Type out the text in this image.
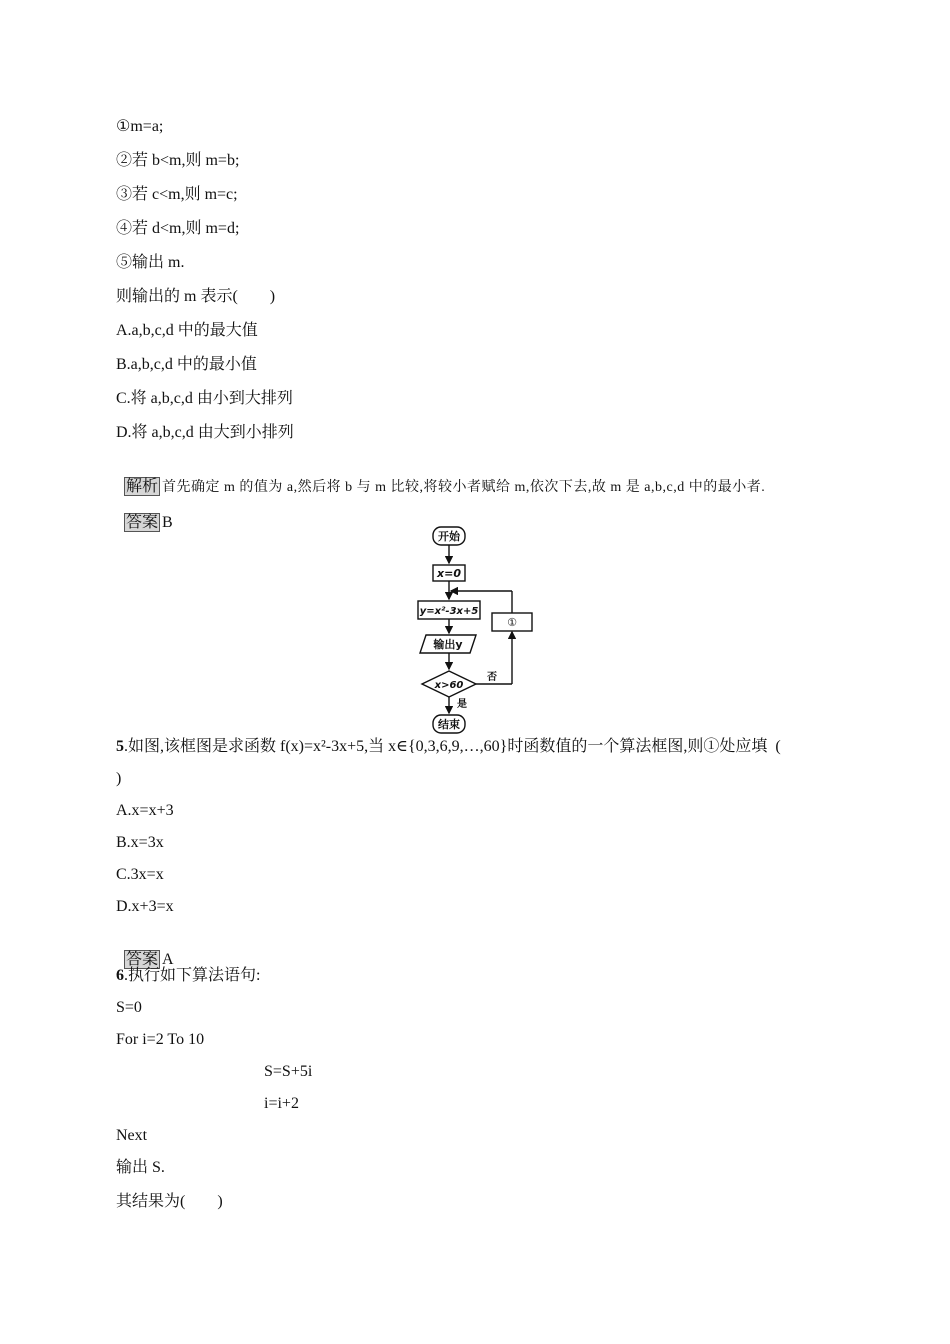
①m=a;
②若 b<m,则 m=b;
③若 c<m,则 m=c;
④若 d<m,则 m=d;
⑤输出 m.
则输出的 m 表示(        )
A.a,b,c,d 中的最大值
B.a,b,c,d 中的最小值
C.将 a,b,c,d 由小到大排列
D.将 a,b,c,d 由大到小排列

解析 首先确定 m 的值为 a,然后将 b 与 m 比较,将较小者赋给 m,依次下去,故 m 是 a,b,c,d 中的最小者.

答案 B

开始
x=0
y=x²-3x+5
输出y
x>60
否
是
①
结束
5.如图,该框图是求函数 f(x)=x²-3x+5,当 x∈{0,3,6,9,…,60}时函数值的一个算法框图,则①处应填  (
)
A.x=x+3
B.x=3x
C.3x=x
D.x+3=x

答案 A

6.执行如下算法语句:
S=0
For i=2 To 10
S=S+5i
i=i+2
Next
输出 S.
其结果为(        )
